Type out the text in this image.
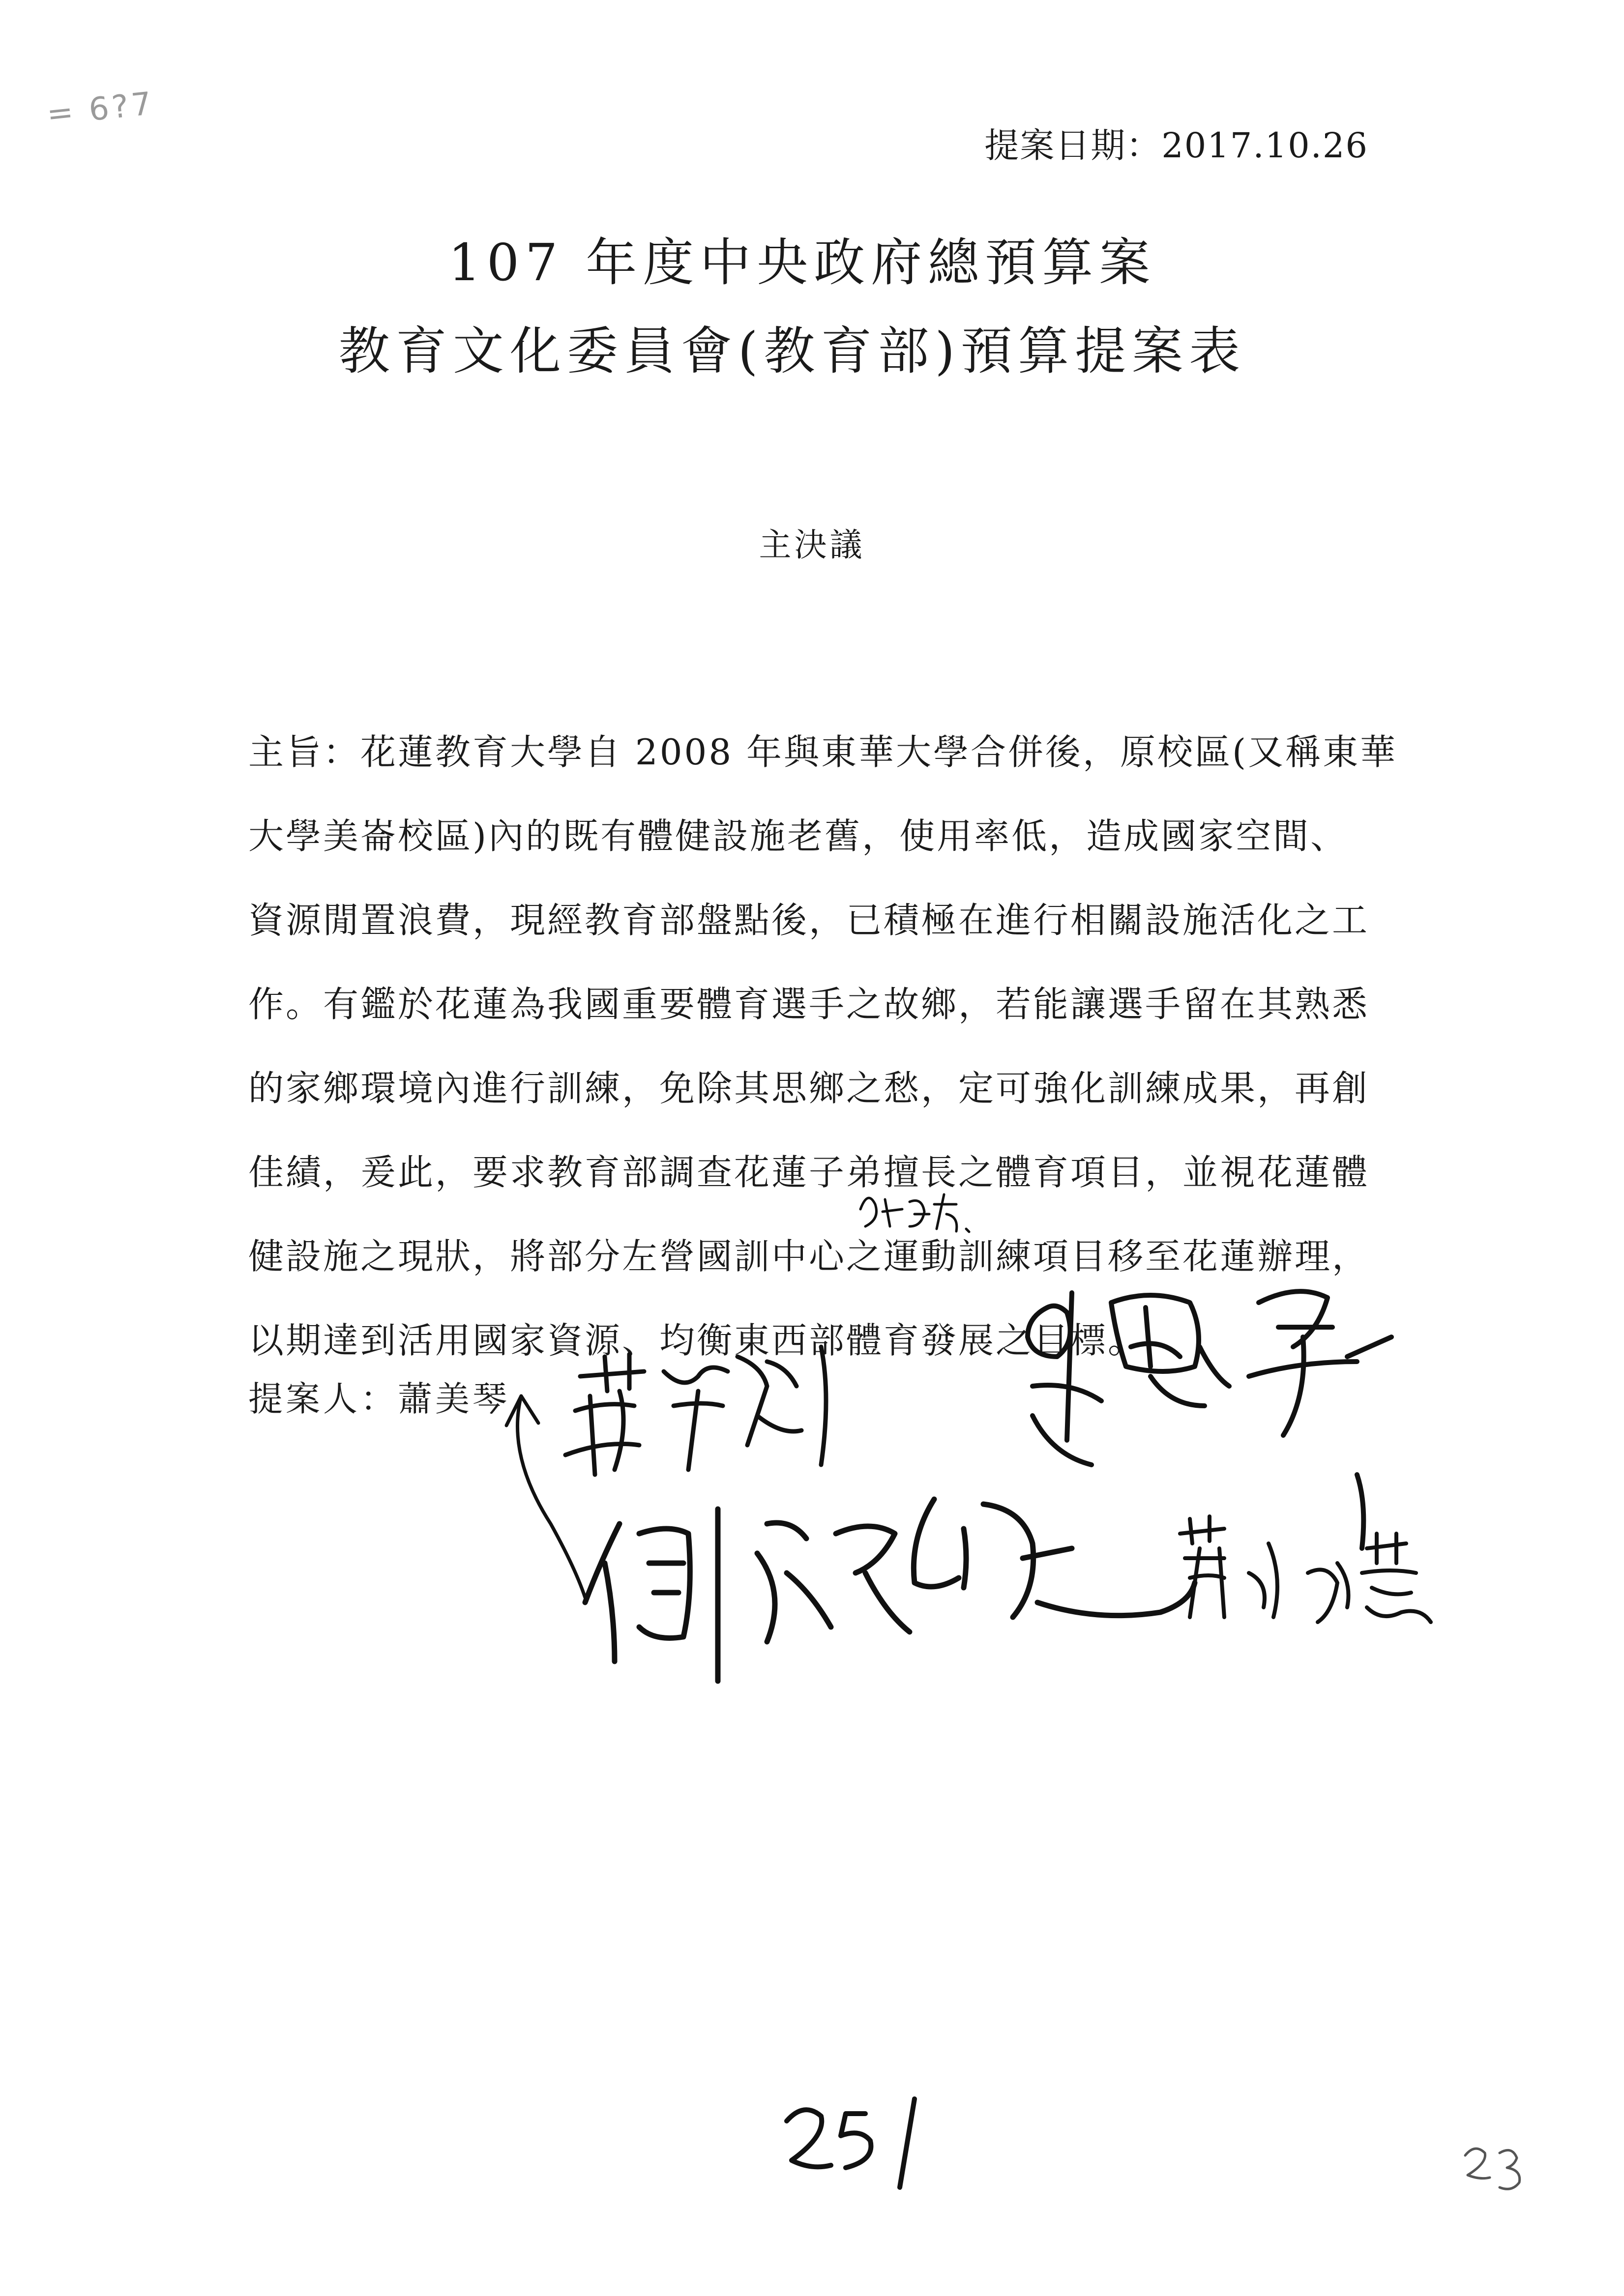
= 6?7
提案日期：2017.10.26
107 年度中央政府總預算案
教育文化委員會(教育部)預算提案表
主決議
主旨：花蓮教育大學自 2008 年與東華大學合併後，原校區(又稱東華
大學美崙校區)內的既有體健設施老舊，使用率低，造成國家空間、
資源閒置浪費，現經教育部盤點後，已積極在進行相關設施活化之工
作。有鑑於花蓮為我國重要體育選手之故鄉，若能讓選手留在其熟悉
的家鄉環境內進行訓練，免除其思鄉之愁，定可強化訓練成果，再創
佳績，爰此，要求教育部調查花蓮子弟擅長之體育項目，並視花蓮體
健設施之現狀，將部分左營國訓中心之運動訓練項目移至花蓮辦理，
以期達到活用國家資源、均衡東西部體育發展之目標。
提案人：蕭美琴
